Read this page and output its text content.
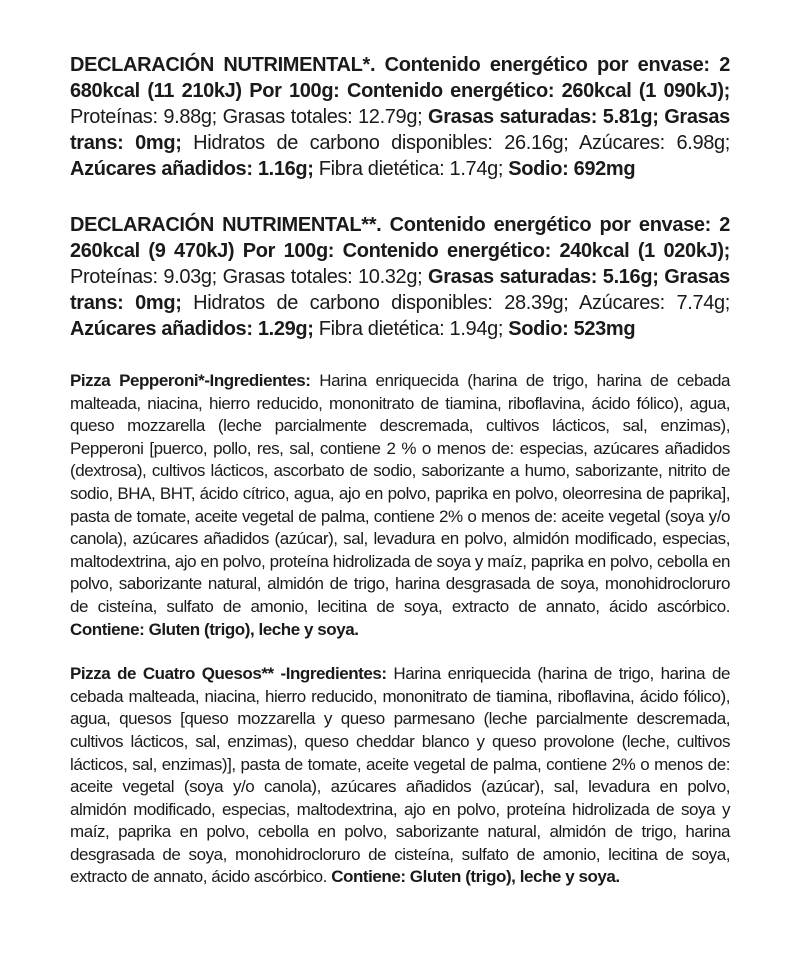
DECLARACIÓN NUTRIMENTAL*. Contenido energético por envase: 2 680kcal (11 210kJ) Por 100g: Contenido energético: 260kcal (1 090kJ); Proteínas: 9.88g; Grasas totales: 12.79g; Grasas saturadas: 5.81g; Grasas trans: 0mg; Hidratos de carbono disponibles: 26.16g; Azúcares: 6.98g; Azúcares añadidos: 1.16g; Fibra dietética: 1.74g; Sodio: 692mg

DECLARACIÓN NUTRIMENTAL**. Contenido energético por envase: 2 260kcal (9 470kJ) Por 100g: Contenido energético: 240kcal (1 020kJ); Proteínas: 9.03g; Grasas totales: 10.32g; Grasas saturadas: 5.16g; Grasas trans: 0mg; Hidratos de carbono disponibles: 28.39g; Azúcares: 7.74g; Azúcares añadidos: 1.29g; Fibra dietética: 1.94g; Sodio: 523mg

Pizza Pepperoni*-Ingredientes: Harina enriquecida (harina de trigo, harina de cebada malteada, niacina, hierro reducido, mononitrato de tiamina, riboflavina, ácido fólico), agua, queso mozzarella (leche parcialmente descremada, cultivos lácticos, sal, enzimas), Pepperoni [puerco, pollo, res, sal, contiene 2 % o menos de: especias, azúcares añadidos (dextrosa), cultivos lácticos, ascorbato de sodio, saborizante a humo, saborizante, nitrito de sodio, BHA, BHT, ácido cítrico, agua, ajo en polvo, paprika en polvo, oleorresina de paprika], pasta de tomate, aceite vegetal de palma, contiene 2% o menos de: aceite vegetal (soya y/o canola), azúcares añadidos (azúcar), sal, levadura en polvo, almidón modificado, especias, maltodextrina, ajo en polvo, proteína hidrolizada de soya y maíz, paprika en polvo, cebolla en polvo, saborizante natural, almidón de trigo, harina desgrasada de soya, monohidrocloruro de cisteína, sulfato de amonio, lecitina de soya, extracto de annato, ácido ascórbico. Contiene: Gluten (trigo), leche y soya.

Pizza de Cuatro Quesos** -Ingredientes: Harina enriquecida (harina de trigo, harina de cebada malteada, niacina, hierro reducido, mononitrato de tiamina, riboflavina, ácido fólico), agua, quesos [queso mozzarella y queso parmesano (leche parcialmente descremada, cultivos lácticos, sal, enzimas), queso cheddar blanco y queso provolone (leche, cultivos lácticos, sal, enzimas)], pasta de tomate, aceite vegetal de palma, contiene 2% o menos de: aceite vegetal (soya y/o canola), azúcares añadidos (azúcar), sal, levadura en polvo, almidón modificado, especias, maltodextrina, ajo en polvo, proteína hidrolizada de soya y maíz, paprika en polvo, cebolla en polvo, saborizante natural, almidón de trigo, harina desgrasada de soya, monohidrocloruro de cisteína, sulfato de amonio, lecitina de soya, extracto de annato, ácido ascórbico. Contiene: Gluten (trigo), leche y soya.
